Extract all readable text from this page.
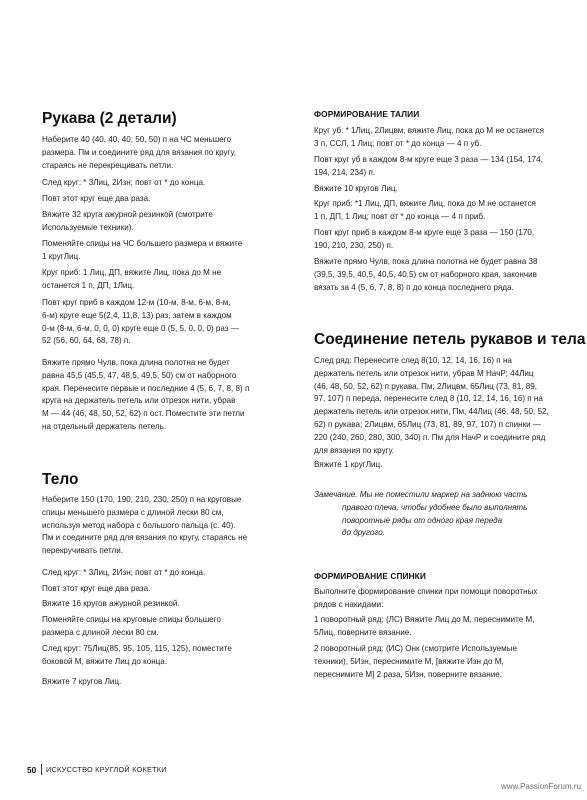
Рукава (2 детали)
Наберите 40 (40, 40, 40, 50, 50) п на ЧС меньшего
размера. Пм и соедините ряд для вязания по кругу,
стараясь не перекрещивать петли.
След круг: * 3Лиц, 2Изн; повт от * до конца.
Повт этот круг еще два раза.
Вяжите 32 круга ажурной резинкой (смотрите
Используемые техники).
Поменяйте спицы на ЧС большего размера и вяжите
1 кругЛиц.
Круг приб: 1 Лиц, ДП, вяжите Лиц, пока до М не
останется 1 п, ДП, 1Лиц.
Повт круг приб в каждом 12-м (10-м, 8-м, 6-м, 8-м,
6-м) круге еще 5(2,4, 11,8, 13) раз, затем в каждом
0-м (8-м, 6-м, 0, 0, 0) круге еще 0 (5, 5, 0, 0, 0) раз —
52 (56, 60, 64, 68, 78) п.
Вяжите прямо Чулв, пока длина полотна не будет
равна 45,5 (45,5, 47, 48,5, 49,5, 50) см от наборного
края. Перенесите первые и последние 4 (5, 6, 7, 8, 8) п
круга на держатель петель или отрезок нити, убрав
М — 44 (46, 48, 50, 52, 62) п ост. Поместите эти петли
на отдельный держатель петель.
Тело
Наберите 150 (170, 190, 210, 230, 250) п на круговые
спицы меньшего размера с длиной лески 80 см,
используя метод набора с большого пальца (с. 40).
Пм и соедините ряд для вязания по кругу, стараясь не
перекручивать петли.
След круг: * 3Лиц, 2Изн; повт от * до конца.
Повт этот круг еще два раза.
Вяжите 16 кругов ажурной резинкой.
Поменяйте спицы на круговые спицы большего
размера с длиной лески 80 см.
След круг: 75Лиц(85, 95, 105, 115, 125), поместите
боковой М, вяжите Лиц до конца.
Вяжите 7 кругов Лиц.
ФОРМИРОВАНИЕ ТАЛИИ
Круг уб: * 1Лиц, 2Лицвм, вяжите Лиц, пока до М не останется
3 п, ССЛ, 1 Лиц; повт от * до конца — 4 п уб.
Повт круг уб в каждом 8-м круге еще 3 раза — 134 (154, 174,
194, 214, 234) п.
Вяжите 10 кругов Лиц.
Круг приб: *1 Лиц, ДП, вяжите Лиц, пока до М не останется
1 п, ДП, 1 Лиц; повт от * до конца — 4 п приб.
Повт круг приб в каждом 8-м круге еще 3 раза — 150 (170,
190, 210, 230, 250) п.
Вяжите прямо Чулв, пока длина полотна не будет равна 38
(39,5, 39,5, 40,5, 40,5, 40,5) см от наборного края, закончив
вязать за 4 (5, 6, 7, 8, 8) п до конца последнего ряда.
Соединение петель рукавов и тела
След ряд: Перенесите след 8(10, 12, 14, 16, 16) п на
держатель петель или отрезок нити, убрав М НачР; 44Лиц
(46, 48, 50, 52, 62) п рукава, Пм; 2Лицвм, 65Лиц (73, 81, 89,
97, 107) п переда, перенесите след 8 (10, 12, 14, 16, 16) п на
держатель петель или отрезок нити, Пм, 44Лиц (46, 48, 50, 52,
62) п рукава; 2Лицвм, 65Лиц (73, 81, 89, 97, 107) п спинки —
220 (240, 260, 280, 300, 340) п. Пм для НачР и соедините ряд
для вязания по кругу.
Вяжите 1 кругЛиц.
Замечание. Мы не поместили маркер на заднюю часть
правого плеча, чтобы удобнее было выполнять
поворотные ряды от одного края переда
до другого.
ФОРМИРОВАНИЕ СПИНКИ
Выполните формирование спинки при помощи поворотных
рядов с накидами:
1 поворотный ряд: (ЛС) Вяжите Лиц до М, переснимите М,
5Лиц, поверните вязание.
2 поворотный ряд: (ИС) Онк (смотрите Используемые
техники), 5Изн, переснимите М, [вяжите Изн до М,
переснимите М] 2 раза, 5Изн, поверните вязание.
50 ИСКУССТВО КРУГЛОЙ КОКЕТКИ
www.PassionForum.ru
